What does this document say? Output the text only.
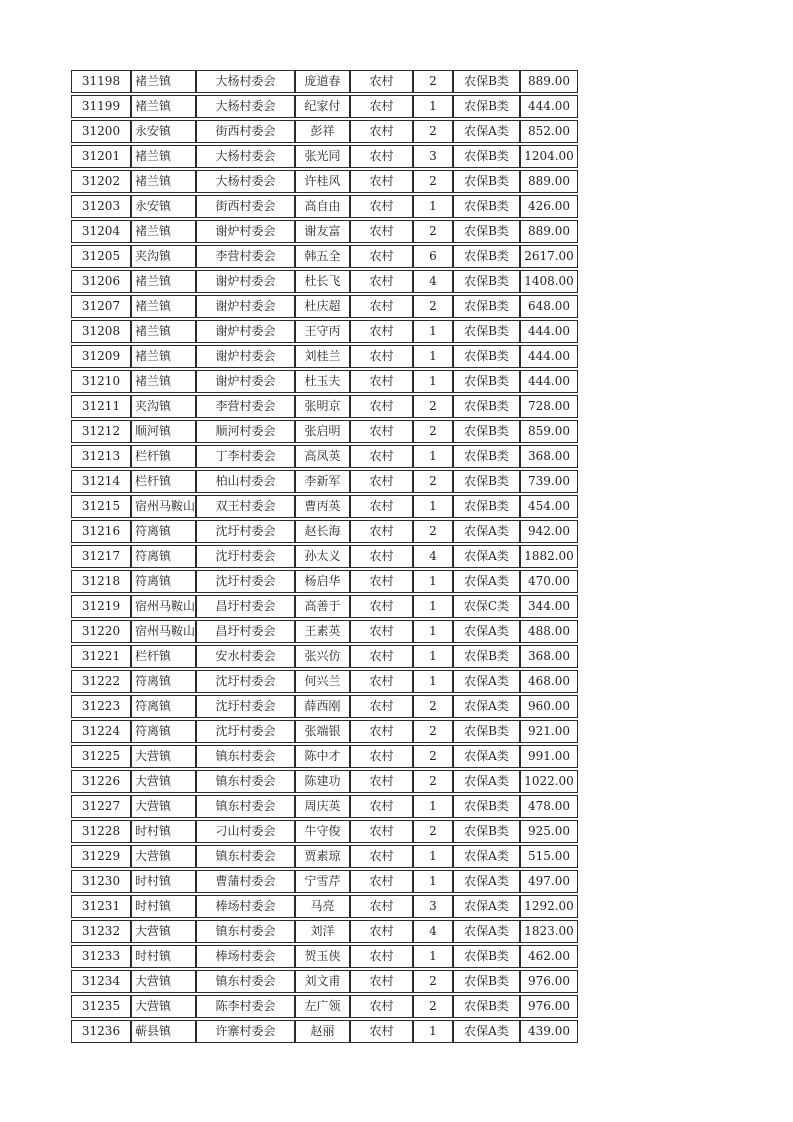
31198	褚兰镇	大杨村委会	庞道春	农村	2	农保B类	889.00
31199	褚兰镇	大杨村委会	纪家付	农村	1	农保B类	444.00
31200	永安镇	街西村委会	彭祥	农村	2	农保A类	852.00
31201	褚兰镇	大杨村委会	张光同	农村	3	农保B类	1204.00
31202	褚兰镇	大杨村委会	许桂风	农村	2	农保B类	889.00
31203	永安镇	街西村委会	高自由	农村	1	农保B类	426.00
31204	褚兰镇	谢炉村委会	谢友富	农村	2	农保B类	889.00
31205	夹沟镇	李营村委会	韩五全	农村	6	农保B类	2617.00
31206	褚兰镇	谢炉村委会	杜长飞	农村	4	农保B类	1408.00
31207	褚兰镇	谢炉村委会	杜庆超	农村	2	农保B类	648.00
31208	褚兰镇	谢炉村委会	王守丙	农村	1	农保B类	444.00
31209	褚兰镇	谢炉村委会	刘桂兰	农村	1	农保B类	444.00
31210	褚兰镇	谢炉村委会	杜玉夫	农村	1	农保B类	444.00
31211	夹沟镇	李营村委会	张明京	农村	2	农保B类	728.00
31212	顺河镇	顺河村委会	张启明	农村	2	农保B类	859.00
31213	栏杆镇	丁李村委会	高凤英	农村	1	农保B类	368.00
31214	栏杆镇	柏山村委会	李新军	农村	2	农保B类	739.00
31215	宿州马鞍山	双王村委会	曹丙英	农村	1	农保B类	454.00
31216	符离镇	沈圩村委会	赵长海	农村	2	农保A类	942.00
31217	符离镇	沈圩村委会	孙太义	农村	4	农保A类	1882.00
31218	符离镇	沈圩村委会	杨启华	农村	1	农保A类	470.00
31219	宿州马鞍山	昌圩村委会	高善于	农村	1	农保C类	344.00
31220	宿州马鞍山	昌圩村委会	王素英	农村	1	农保A类	488.00
31221	栏杆镇	安水村委会	张兴仿	农村	1	农保B类	368.00
31222	符离镇	沈圩村委会	何兴兰	农村	1	农保A类	468.00
31223	符离镇	沈圩村委会	薛西刚	农村	2	农保A类	960.00
31224	符离镇	沈圩村委会	张端银	农村	2	农保B类	921.00
31225	大营镇	镇东村委会	陈中才	农村	2	农保A类	991.00
31226	大营镇	镇东村委会	陈建功	农村	2	农保A类	1022.00
31227	大营镇	镇东村委会	周庆英	农村	1	农保B类	478.00
31228	时村镇	刁山村委会	牛守俊	农村	2	农保B类	925.00
31229	大营镇	镇东村委会	贾素琼	农村	1	农保A类	515.00
31230	时村镇	曹蒲村委会	宁雪芹	农村	1	农保A类	497.00
31231	时村镇	棒场村委会	马亮	农村	3	农保A类	1292.00
31232	大营镇	镇东村委会	刘洋	农村	4	农保A类	1823.00
31233	时村镇	棒场村委会	贺玉侠	农村	1	农保B类	462.00
31234	大营镇	镇东村委会	刘文甫	农村	2	农保B类	976.00
31235	大营镇	陈李村委会	左广领	农村	2	农保B类	976.00
31236	蕲县镇	许寨村委会	赵丽	农村	1	农保A类	439.00
